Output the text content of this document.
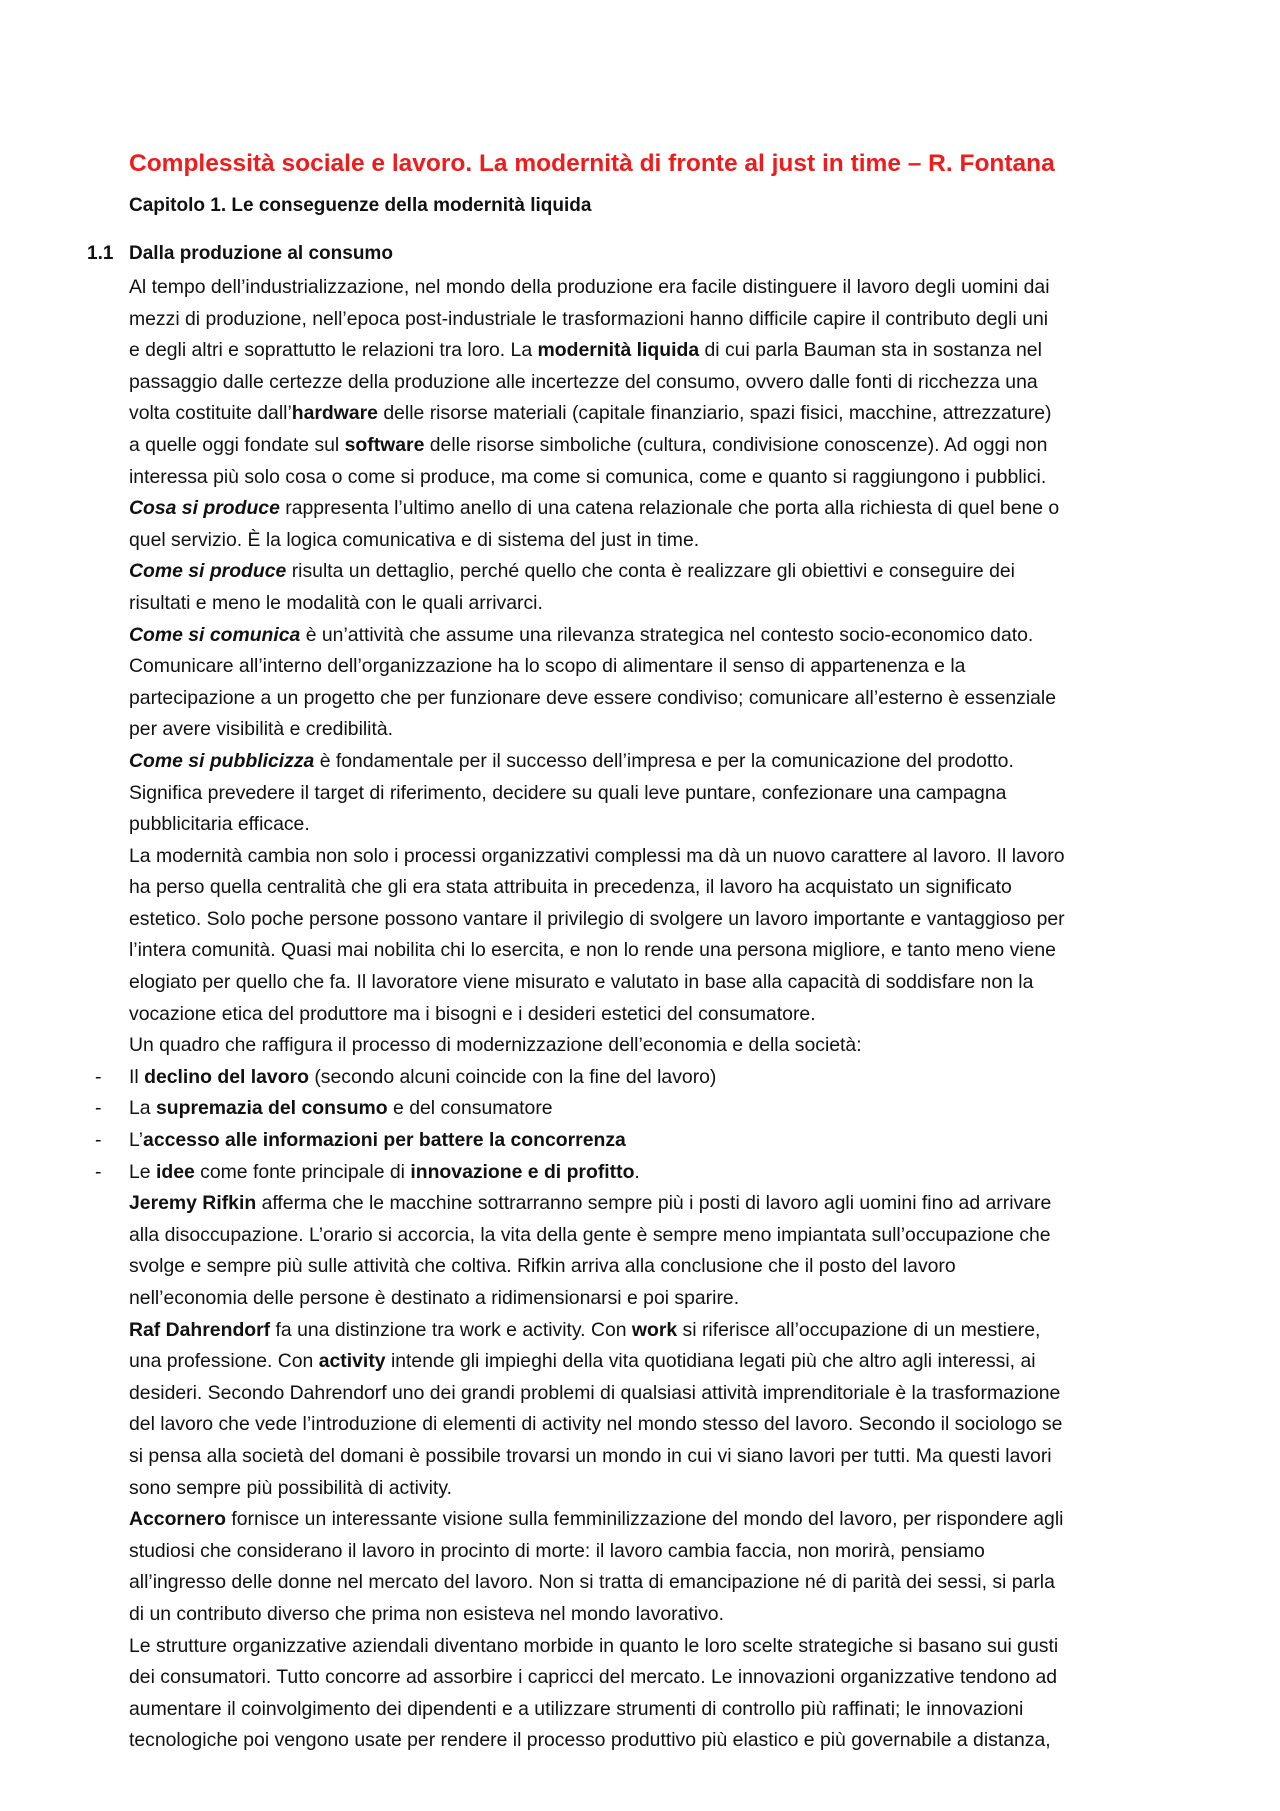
Complessità sociale e lavoro. La modernità di fronte al just in time – R. Fontana
Capitolo 1. Le conseguenze della modernità liquida
1.1 Dalla produzione al consumo
Al tempo dell’industrializzazione, nel mondo della produzione era facile distinguere il lavoro degli uomini dai
mezzi di produzione, nell’epoca post-industriale le trasformazioni hanno difficile capire il contributo degli uni
e degli altri e soprattutto le relazioni tra loro. La modernità liquida di cui parla Bauman sta in sostanza nel
passaggio dalle certezze della produzione alle incertezze del consumo, ovvero dalle fonti di ricchezza una
volta costituite dall’hardware delle risorse materiali (capitale finanziario, spazi fisici, macchine, attrezzature)
a quelle oggi fondate sul software delle risorse simboliche (cultura, condivisione conoscenze). Ad oggi non
interessa più solo cosa o come si produce, ma come si comunica, come e quanto si raggiungono i pubblici.
Cosa si produce rappresenta l’ultimo anello di una catena relazionale che porta alla richiesta di quel bene o
quel servizio. È la logica comunicativa e di sistema del just in time.
Come si produce risulta un dettaglio, perché quello che conta è realizzare gli obiettivi e conseguire dei
risultati e meno le modalità con le quali arrivarci.
Come si comunica è un’attività che assume una rilevanza strategica nel contesto socio-economico dato.
Comunicare all’interno dell’organizzazione ha lo scopo di alimentare il senso di appartenenza e la
partecipazione a un progetto che per funzionare deve essere condiviso; comunicare all’esterno è essenziale
per avere visibilità e credibilità.
Come si pubblicizza è fondamentale per il successo dell’impresa e per la comunicazione del prodotto.
Significa prevedere il target di riferimento, decidere su quali leve puntare, confezionare una campagna
pubblicitaria efficace.
La modernità cambia non solo i processi organizzativi complessi ma dà un nuovo carattere al lavoro. Il lavoro
ha perso quella centralità che gli era stata attribuita in precedenza, il lavoro ha acquistato un significato
estetico. Solo poche persone possono vantare il privilegio di svolgere un lavoro importante e vantaggioso per
l’intera comunità. Quasi mai nobilita chi lo esercita, e non lo rende una persona migliore, e tanto meno viene
elogiato per quello che fa. Il lavoratore viene misurato e valutato in base alla capacità di soddisfare non la
vocazione etica del produttore ma i bisogni e i desideri estetici del consumatore.
Un quadro che raffigura il processo di modernizzazione dell’economia e della società:
- Il declino del lavoro (secondo alcuni coincide con la fine del lavoro)
- La supremazia del consumo e del consumatore
- L’accesso alle informazioni per battere la concorrenza
- Le idee come fonte principale di innovazione e di profitto.
Jeremy Rifkin afferma che le macchine sottrarranno sempre più i posti di lavoro agli uomini fino ad arrivare
alla disoccupazione. L’orario si accorcia, la vita della gente è sempre meno impiantata sull’occupazione che
svolge e sempre più sulle attività che coltiva. Rifkin arriva alla conclusione che il posto del lavoro
nell’economia delle persone è destinato a ridimensionarsi e poi sparire.
Raf Dahrendorf fa una distinzione tra work e activity. Con work si riferisce all’occupazione di un mestiere,
una professione. Con activity intende gli impieghi della vita quotidiana legati più che altro agli interessi, ai
desideri. Secondo Dahrendorf uno dei grandi problemi di qualsiasi attività imprenditoriale è la trasformazione
del lavoro che vede l’introduzione di elementi di activity nel mondo stesso del lavoro. Secondo il sociologo se
si pensa alla società del domani è possibile trovarsi un mondo in cui vi siano lavori per tutti. Ma questi lavori
sono sempre più possibilità di activity.
Accornero fornisce un interessante visione sulla femminilizzazione del mondo del lavoro, per rispondere agli
studiosi che considerano il lavoro in procinto di morte: il lavoro cambia faccia, non morirà, pensiamo
all’ingresso delle donne nel mercato del lavoro. Non si tratta di emancipazione né di parità dei sessi, si parla
di un contributo diverso che prima non esisteva nel mondo lavorativo.
Le strutture organizzative aziendali diventano morbide in quanto le loro scelte strategiche si basano sui gusti
dei consumatori. Tutto concorre ad assorbire i capricci del mercato. Le innovazioni organizzative tendono ad
aumentare il coinvolgimento dei dipendenti e a utilizzare strumenti di controllo più raffinati; le innovazioni
tecnologiche poi vengono usate per rendere il processo produttivo più elastico e più governabile a distanza,
